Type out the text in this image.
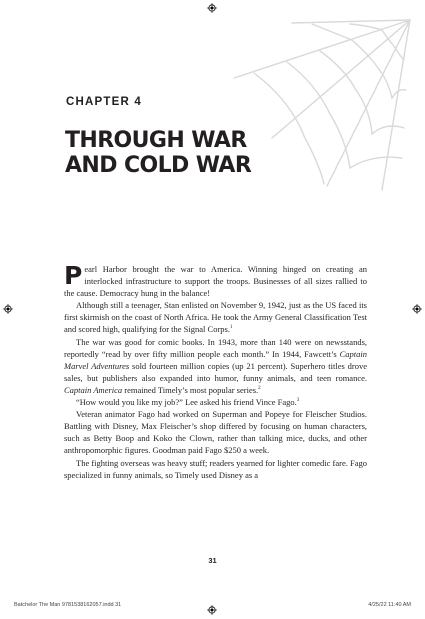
CHAPTER 4
THROUGH WAR
AND COLD WAR

Pearl Harbor brought the war to America. Winning hinged on creating an interlocked infrastructure to support the troops. Businesses of all sizes rallied to the cause. Democracy hung in the balance!

Although still a teenager, Stan enlisted on November 9, 1942, just as the US faced its first skirmish on the coast of North Africa. He took the Army General Classification Test and scored high, qualifying for the Signal Corps.$^1$

The war was good for comic books. In 1943, more than 140 were on newsstands, reportedly “read by over fifty million people each month.” In 1944, Fawcett’s Captain Marvel Adventures sold fourteen million copies (up 21 percent). Superhero titles drove sales, but publishers also expanded into humor, funny animals, and teen romance. Captain America remained Timely’s most popular series.$^2$

“How would you like my job?” Lee asked his friend Vince Fago.$^3$

Veteran animator Fago had worked on Superman and Popeye for Fleischer Studios. Battling with Disney, Max Fleischer’s shop differed by focusing on human characters, such as Betty Boop and Koko the Clown, rather than talking mice, ducks, and other anthropomorphic figures. Goodman paid Fago $250 a week.

The fighting overseas was heavy stuff; readers yearned for lighter comedic fare. Fago specialized in funny animals, so Timely used Disney as a

31
Batchelor The Man 9781538162057.indd 31	4/25/22 11:40 AM
